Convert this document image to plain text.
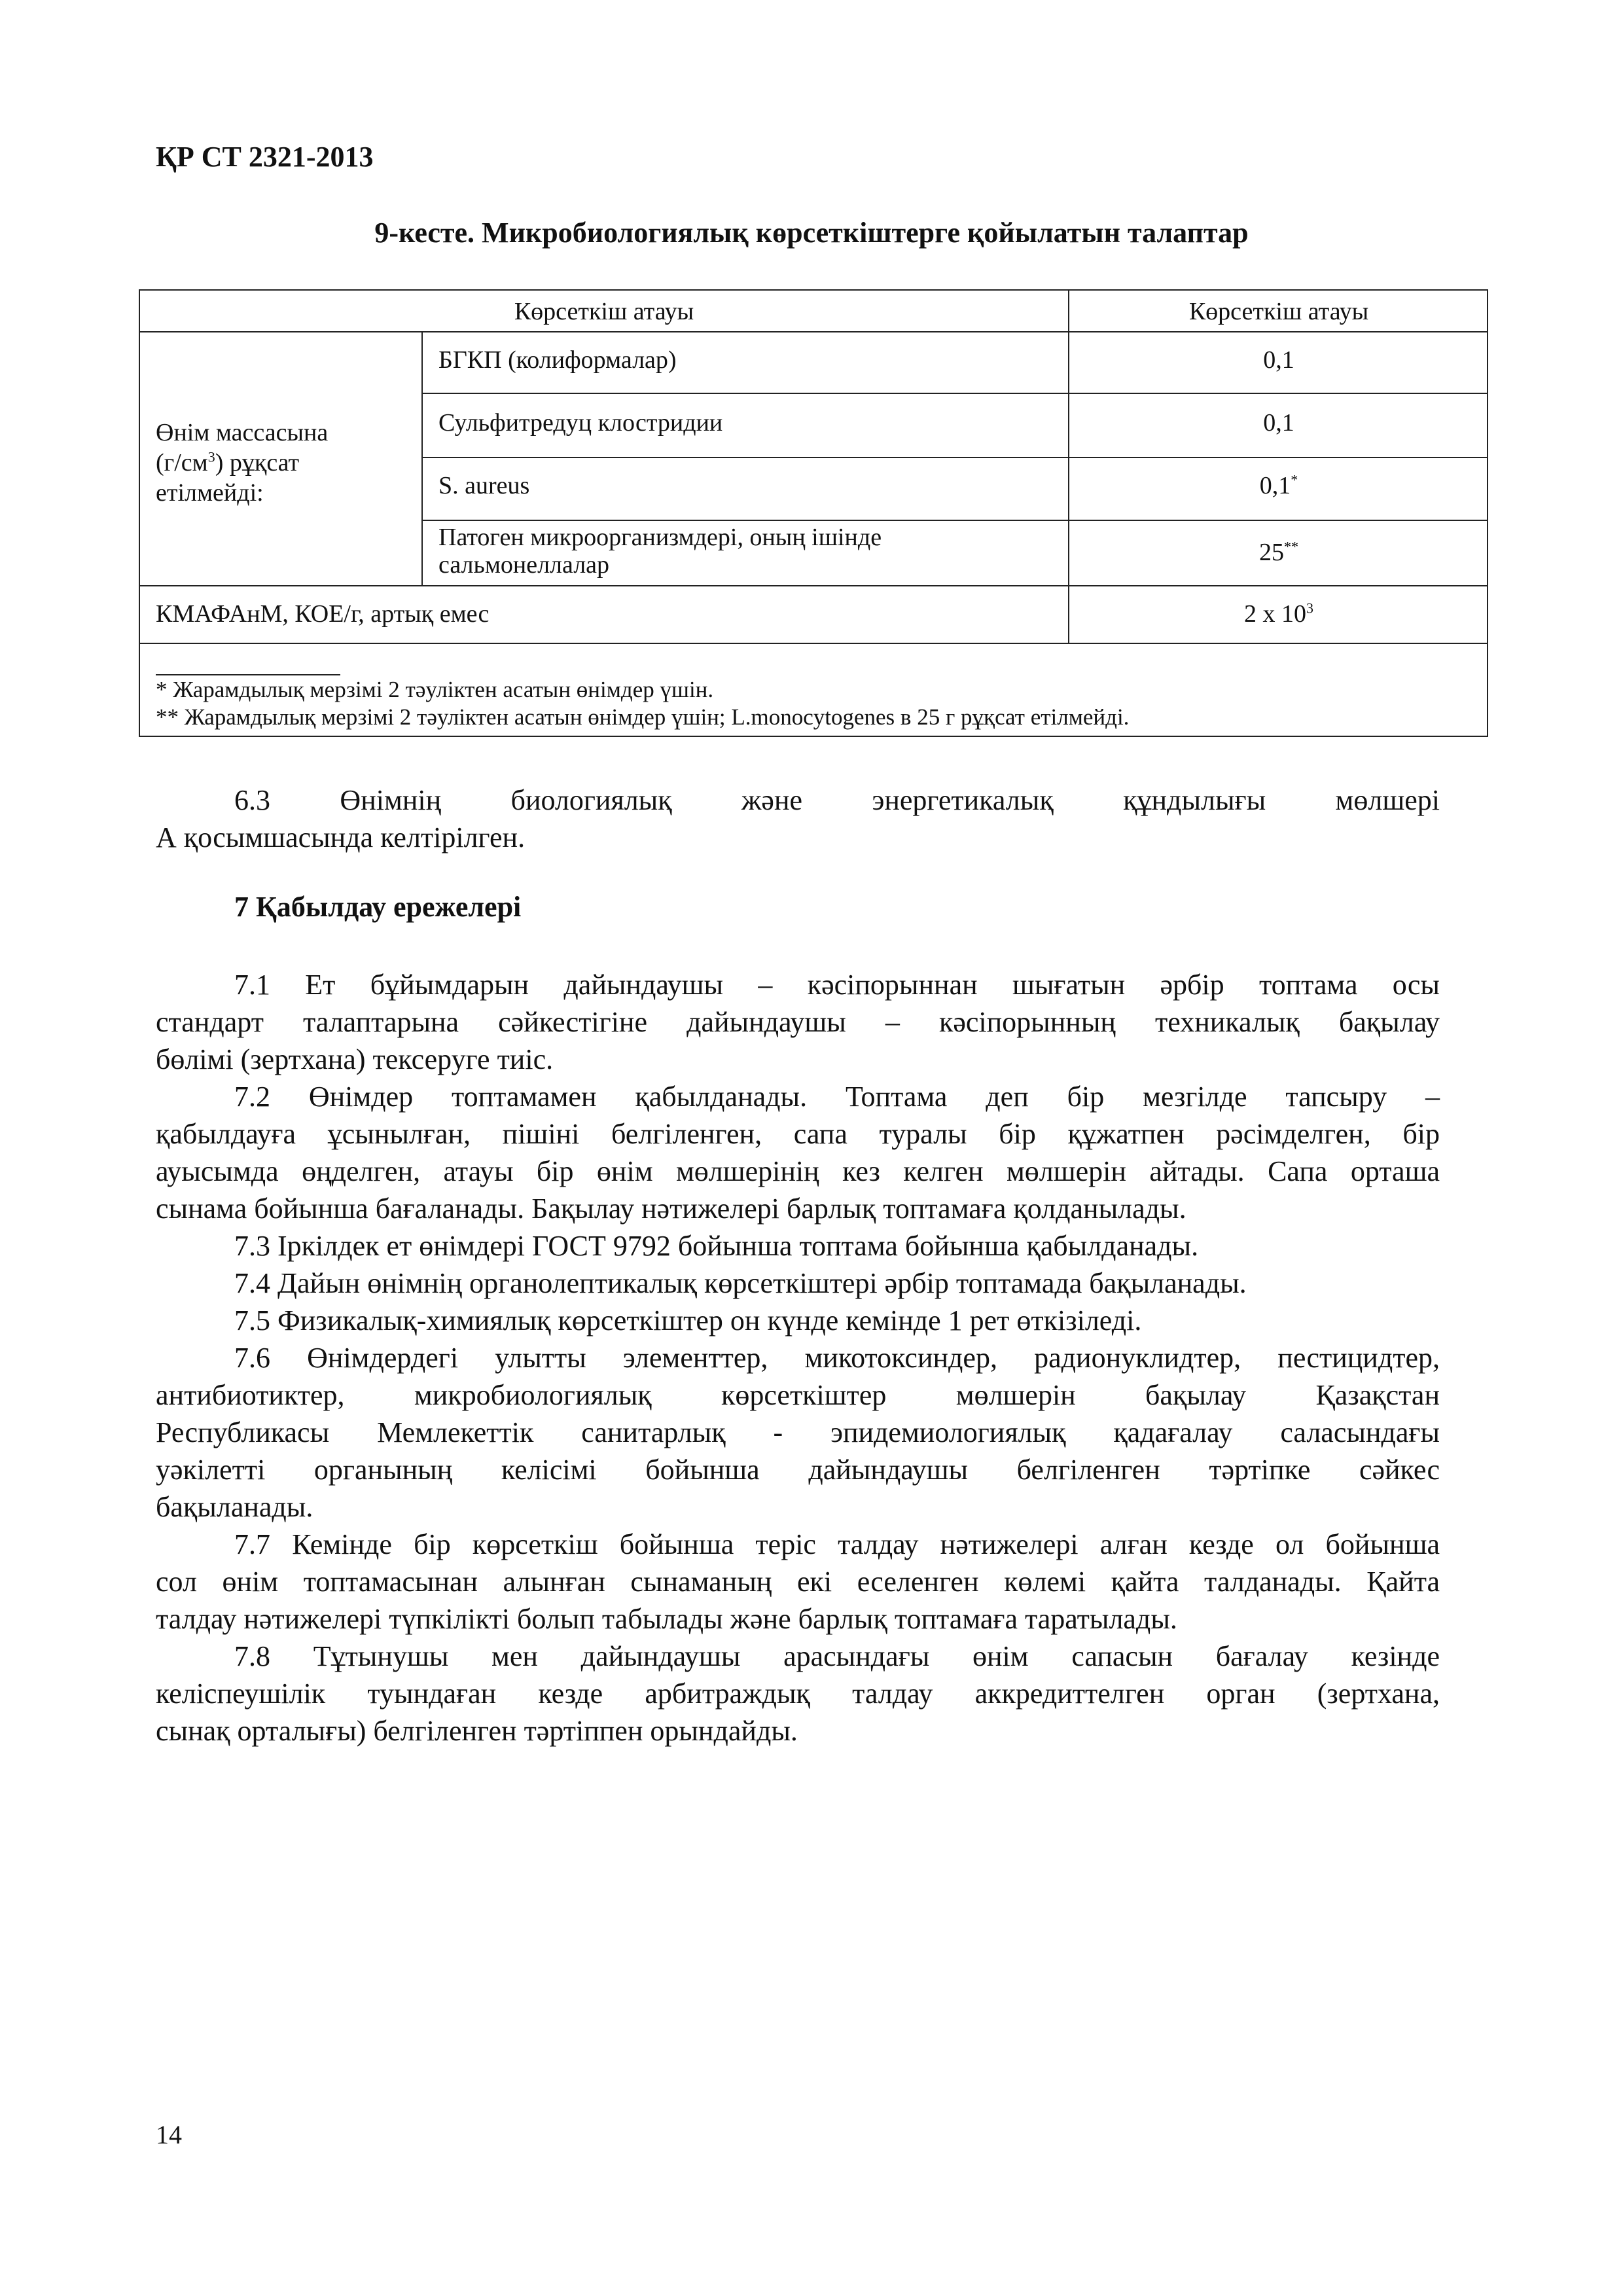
ҚР СТ 2321-2013
9-кесте. Микробиологиялық көрсеткіштерге қойылатын талаптар
Көрсеткіш атауы	Көрсеткіш атауы
Өнім массасына
$(г/см^3)$ рұқсат
етілмейді:
БГКП (колиформалар)	0,1
Сульфитредуц клостридии	0,1
S. aureus	0,1*
Патоген микроорганизмдері, оның ішінде
сальмонеллалар	25**
КМАФАнМ, КОЕ/г, артық емес	2 х $10^3$
* Жарамдылық мерзімі 2 тәуліктен асатын өнімдер үшін.
** Жарамдылық мерзімі 2 тәуліктен асатын өнімдер үшін; L.monocytogenes в 25 г рұқсат етілмейді.
6.3 Өнімнің биологиялық және энергетикалық құндылығы мөлшері
А қосымшасында келтірілген.
7 Қабылдау ережелері
7.1 Ет бұйымдарын дайындаушы – кәсіпорыннан шығатын әрбір топтама осы
стандарт талаптарына сәйкестігіне дайындаушы – кәсіпорынның техникалық бақылау
бөлімі (зертхана) тексеруге тиіс.
7.2 Өнімдер топтамамен қабылданады. Топтама деп бір мезгілде тапсыру –
қабылдауға ұсынылған, пішіні белгіленген, сапа туралы бір құжатпен рәсімделген, бір
ауысымда өңделген, атауы бір өнім мөлшерінің кез келген мөлшерін айтады. Сапа орташа
сынама бойынша бағаланады. Бақылау нәтижелері барлық топтамаға қолданылады.
7.3 Іркілдек ет өнімдері ГОСТ 9792 бойынша топтама бойынша қабылданады.
7.4 Дайын өнімнің органолептикалық көрсеткіштері әрбір топтамада бақыланады.
7.5 Физикалық-химиялық көрсеткіштер он күнде кемінде 1 рет өткізіледі.
7.6 Өнімдердегі улытты элементтер, микотоксиндер, радионуклидтер, пестицидтер,
антибиотиктер, микробиологиялық көрсеткіштер мөлшерін бақылау Қазақстан
Республикасы Мемлекеттік санитарлық - эпидемиологиялық қадағалау саласындағы
уәкілетті органының келісімі бойынша дайындаушы белгіленген тәртіпке сәйкес
бақыланады.
7.7 Кемінде бір көрсеткіш бойынша теріс талдау нәтижелері алған кезде ол бойынша
сол өнім топтамасынан алынған сынаманың екі еселенген көлемі қайта талданады. Қайта
талдау нәтижелері түпкілікті болып табылады және барлық топтамаға таратылады.
7.8 Тұтынушы мен дайындаушы арасындағы өнім сапасын бағалау кезінде
келіспеушілік туындаған кезде арбитраждық талдау аккредиттелген орган (зертхана,
сынақ орталығы) белгіленген тәртіппен орындайды.
14
